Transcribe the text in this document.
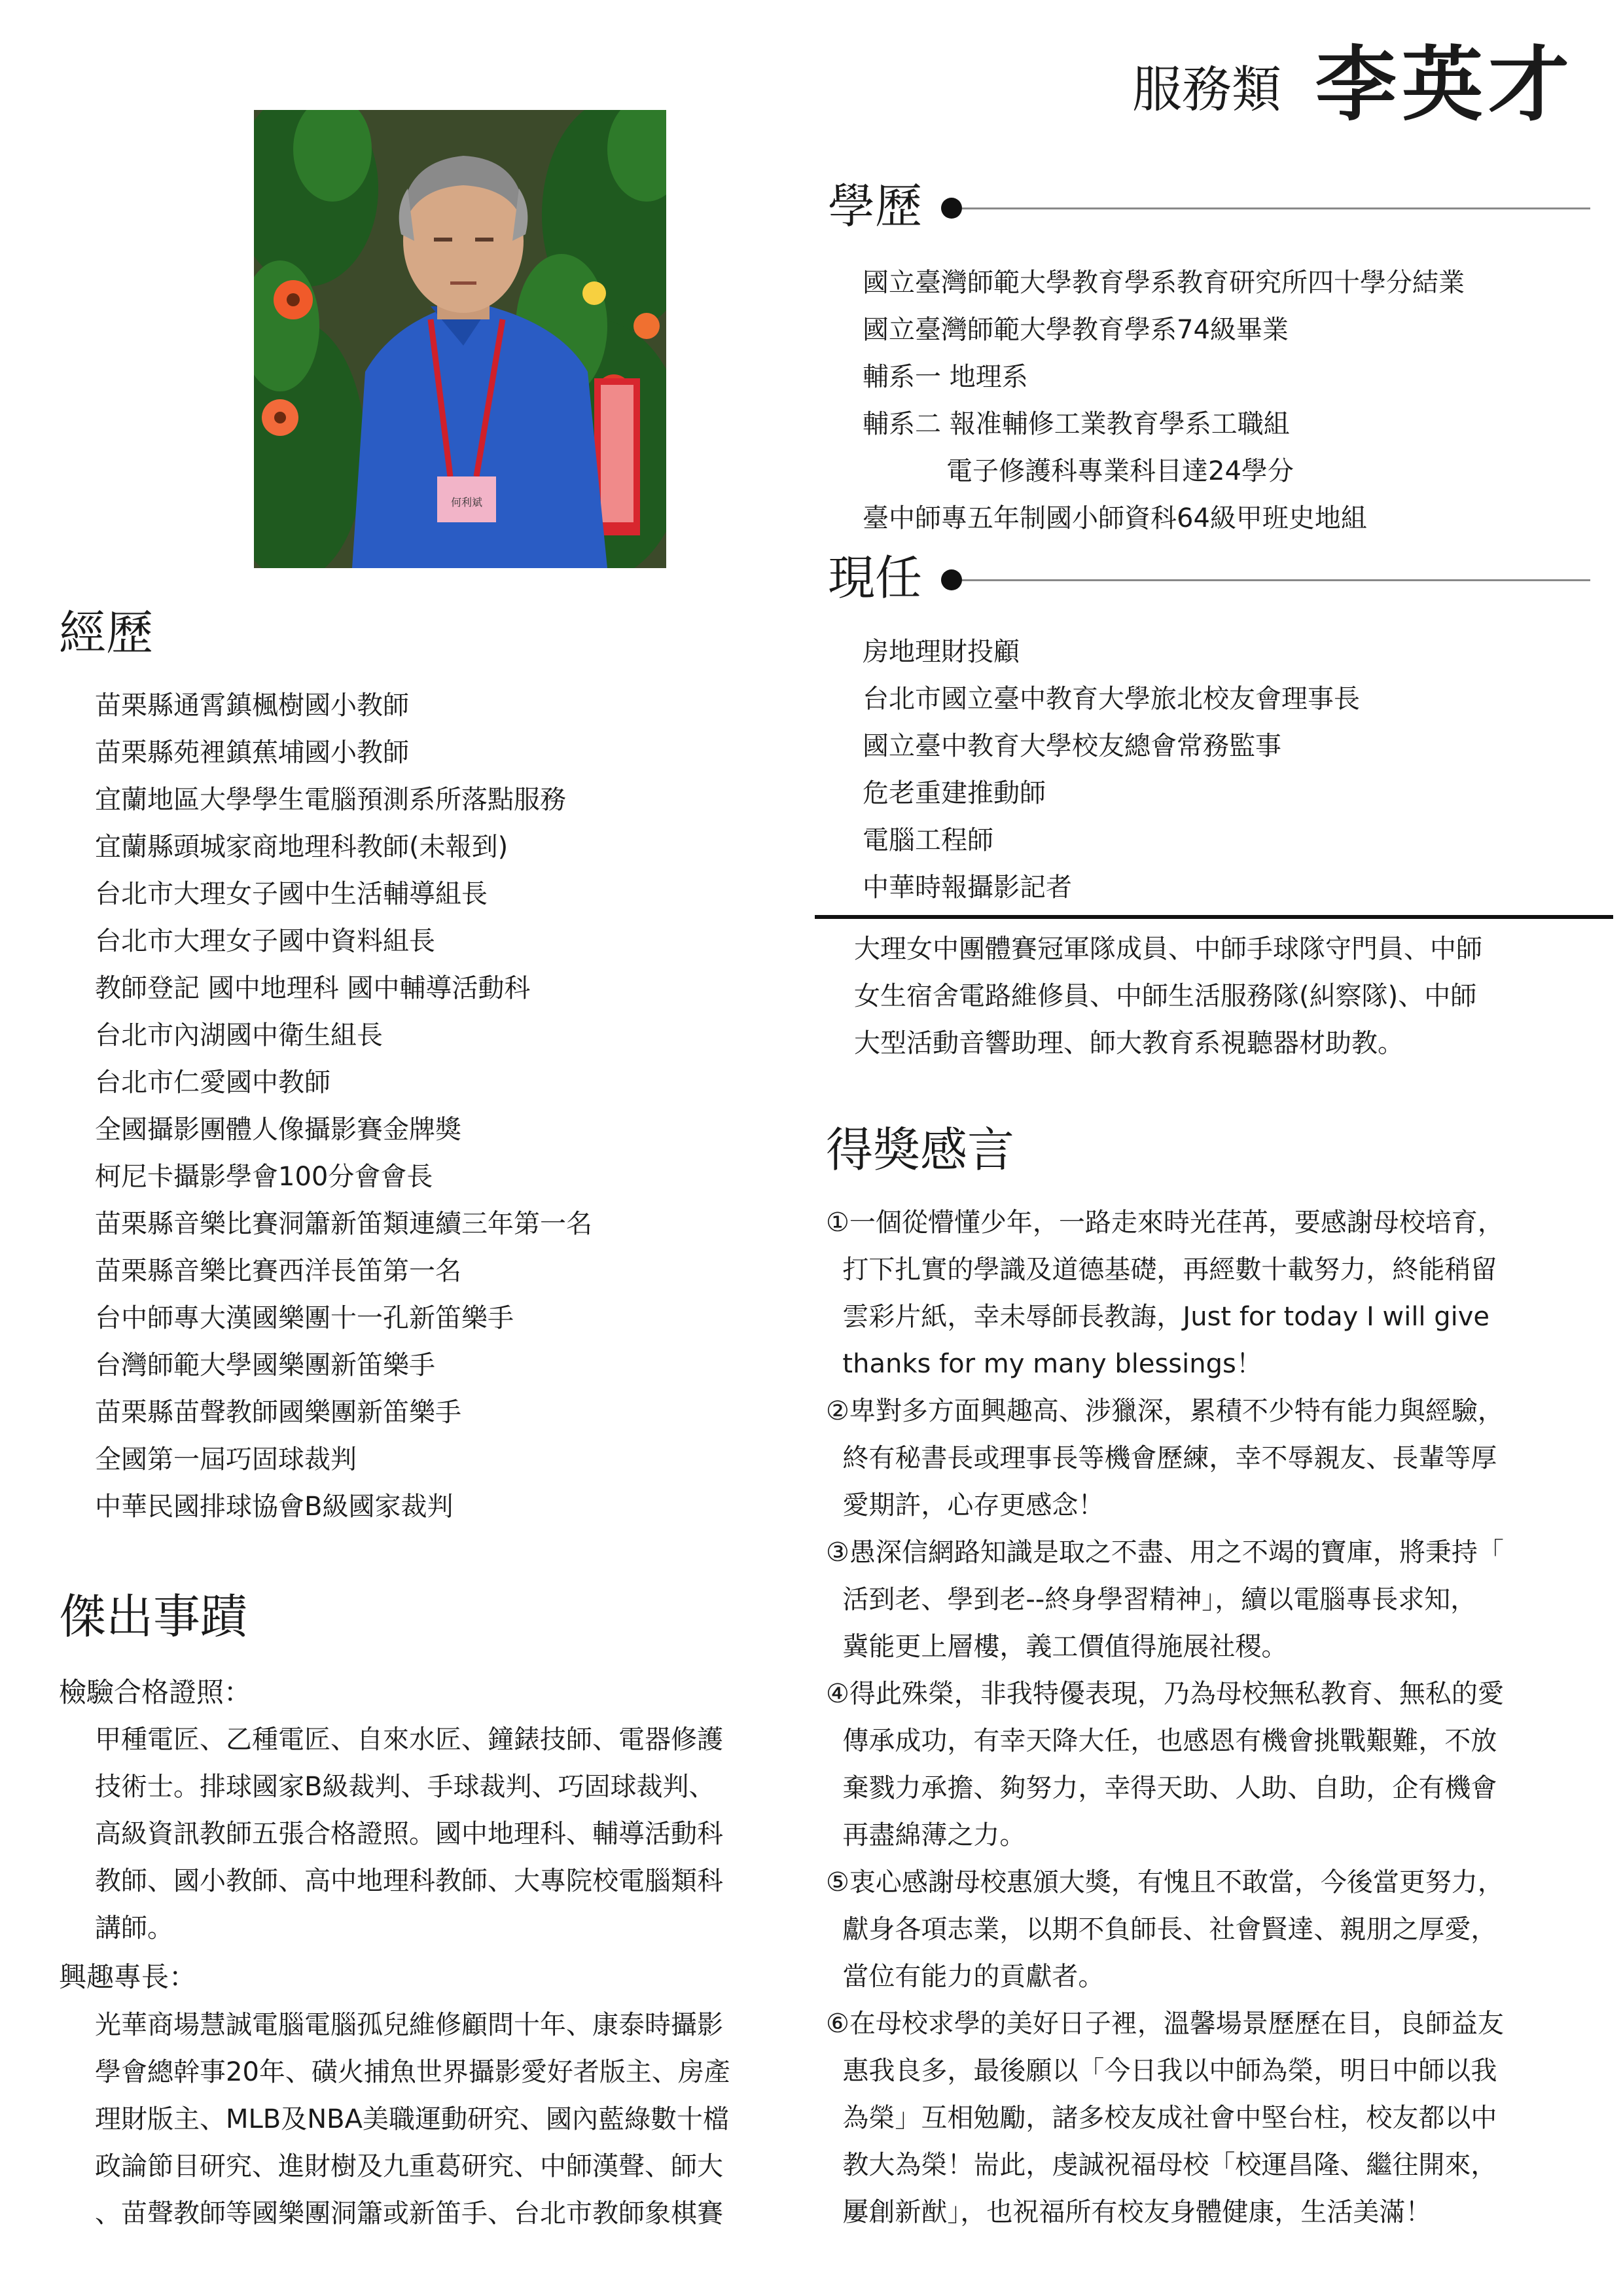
服務類 李英才
何利斌
學歷
國立臺灣師範大學教育學系教育研究所四十學分結業
國立臺灣師範大學教育學系74級畢業
輔系一 地理系
輔系二 報准輔修工業教育學系工職組
電子修護科專業科目達24學分
臺中師專五年制國小師資科64級甲班史地組
現任
房地理財投顧
台北市國立臺中教育大學旅北校友會理事長
國立臺中教育大學校友總會常務監事
危老重建推動師
電腦工程師
中華時報攝影記者
大理女中團體賽冠軍隊成員、中師手球隊守門員、中師
女生宿舍電路維修員、中師生活服務隊(糾察隊)、中師
大型活動音響助理、師大教育系視聽器材助教。
得獎感言
①一個從懵懂少年，一路走來時光荏苒，要感謝母校培育，
打下扎實的學識及道德基礎，再經數十載努力，終能稍留
雲彩片紙，幸未辱師長教誨，Just for today I will give
thanks for my many blessings！
②卑對多方面興趣高、涉獵深，累積不少特有能力與經驗，
終有秘書長或理事長等機會歷練，幸不辱親友、長輩等厚
愛期許，心存更感念！
③愚深信網路知識是取之不盡、用之不竭的寶庫，將秉持「
活到老、學到老--終身學習精神」，續以電腦專長求知，
冀能更上層樓，義工價值得施展社稷。
④得此殊榮，非我特優表現，乃為母校無私教育、無私的愛
傳承成功，有幸天降大任，也感恩有機會挑戰艱難，不放
棄戮力承擔、夠努力，幸得天助、人助、自助，企有機會
再盡綿薄之力。
⑤衷心感謝母校惠頒大獎，有愧且不敢當，今後當更努力，
獻身各項志業，以期不負師長、社會賢達、親朋之厚愛，
當位有能力的貢獻者。
⑥在母校求學的美好日子裡，溫馨場景歷歷在目，良師益友
惠我良多，最後願以「今日我以中師為榮，明日中師以我
為榮」互相勉勵，諸多校友成社會中堅台柱，校友都以中
教大為榮！耑此，虔誠祝福母校「校運昌隆、繼往開來，
屢創新猷」，也祝福所有校友身體健康，生活美滿！
經歷
苗栗縣通霄鎮楓樹國小教師
苗栗縣苑裡鎮蕉埔國小教師
宜蘭地區大學學生電腦預測系所落點服務
宜蘭縣頭城家商地理科教師(未報到)
台北市大理女子國中生活輔導組長
台北市大理女子國中資料組長
教師登記 國中地理科 國中輔導活動科
台北市內湖國中衛生組長
台北市仁愛國中教師
全國攝影團體人像攝影賽金牌獎
柯尼卡攝影學會100分會會長
苗栗縣音樂比賽洞簫新笛類連續三年第一名
苗栗縣音樂比賽西洋長笛第一名
台中師專大漢國樂團十一孔新笛樂手
台灣師範大學國樂團新笛樂手
苗栗縣苗聲教師國樂團新笛樂手
全國第一屆巧固球裁判
中華民國排球協會B級國家裁判
傑出事蹟
檢驗合格證照：
甲種電匠、乙種電匠、自來水匠、鐘錶技師、電器修護
技術士。排球國家B級裁判、手球裁判、巧固球裁判、
高級資訊教師五張合格證照。國中地理科、輔導活動科
教師、國小教師、高中地理科教師、大專院校電腦類科
講師。
興趣專長：
光華商場慧誠電腦電腦孤兒維修顧問十年、康泰時攝影
學會總幹事20年、磺火捕魚世界攝影愛好者版主、房產
理財版主、MLB及NBA美職運動研究、國內藍綠數十檔
政論節目研究、進財樹及九重葛研究、中師漢聲、師大
、苗聲教師等國樂團洞簫或新笛手、台北市教師象棋賽
